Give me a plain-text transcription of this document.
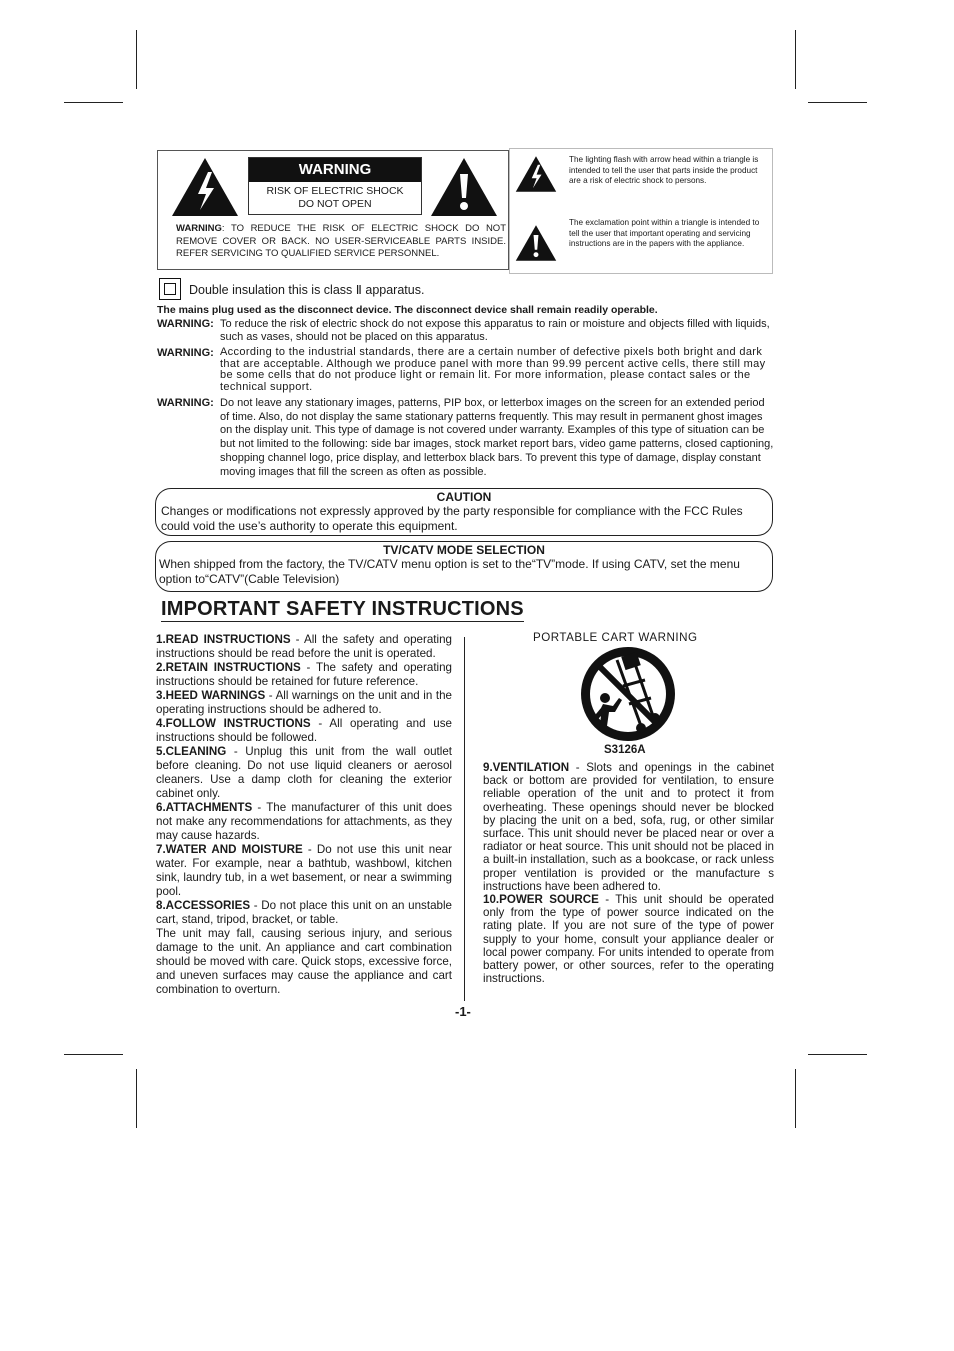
WARNING
RISK OF ELECTRIC SHOCK
DO NOT OPEN
WARNING: TO REDUCE THE RISK OF ELECTRIC SHOCK DO NOT REMOVE COVER OR BACK. NO USER-SERVICEABLE PARTS INSIDE. REFER SERVICING TO QUALIFIED SERVICE PERSONNEL.
The lighting flash with arrow head within a triangle is intended to tell the user that parts inside the product are a risk of electric shock to persons.
The exclamation point within a triangle is intended to tell the user that important operating and servicing instructions are in the papers with the appliance.
Double insulation this is class Ⅱ apparatus.
The mains plug used as the disconnect device. The disconnect device shall remain readily operable.
WARNING: To reduce the risk of electric shock do not expose this apparatus to rain or moisture and objects filled with liquids, such as vases, should not be placed on this apparatus.
WARNING: According to the industrial standards, there are a certain number of defective pixels both bright and dark that are acceptable. Although we produce panel with more than 99.99 percent active cells, there still may be some cells that do not produce light or remain lit. For more information, please contact sales or the technical support.
WARNING: Do not leave any stationary images, patterns, PIP box, or letterbox images on the screen for an extended period of time. Also, do not display the same stationary patterns frequently. This may result in permanent ghost images on the display unit. This type of damage is not covered under warranty. Examples of this type of situation can be but not limited to the following: side bar images, stock market report bars, video game patterns, closed captioning, shopping channel logo, price display, and letterbox black bars. To prevent this type of damage, display constant moving images that fill the screen as often as possible.
CAUTION
Changes or modifications not expressly approved by the party responsible for compliance with the FCC Rules could void the use’s authority to operate this equipment.
TV/CATV MODE SELECTION
When shipped from the factory, the TV/CATV menu option is set to the“TV”mode. If using CATV, set the menu option to“CATV”(Cable Television)
IMPORTANT SAFETY INSTRUCTIONS

1.READ INSTRUCTIONS - All the safety and operating instructions should be read before the unit is operated.

2.RETAIN INSTRUCTIONS - The safety and operating instructions should be retained for future reference.

3.HEED WARNINGS - All warnings on the unit and in the operating instructions should be adhered to.

4.FOLLOW INSTRUCTIONS - All operating and use instructions should be followed.

5.CLEANING - Unplug this unit from the wall outlet before cleaning. Do not use liquid cleaners or aerosol cleaners. Use a damp cloth for cleaning the exterior cabinet only.

6.ATTACHMENTS - The manufacturer of this unit does not make any recommendations for attachments, as they may cause hazards.

7.WATER AND MOISTURE - Do not use this unit near water. For example, near a bathtub, washbowl, kitchen sink, laundry tub, in a wet basement, or near a swimming pool.

8.ACCESSORIES - Do not place this unit on an unstable cart, stand, tripod, bracket, or table.

The unit may fall, causing serious injury, and serious damage to the unit. An appliance and cart combination should be moved with care. Quick stops, excessive force, and uneven surfaces may cause the appliance and cart combination to overturn.

PORTABLE CART WARNING
S3126A

9.VENTILATION - Slots and openings in the cabinet back or bottom are provided for ventilation, to ensure reliable operation of the unit and to protect it from overheating. These openings should never be blocked by placing the unit on a bed, sofa, rug, or other similar surface. This unit should never be placed near or over a radiator or heat source. This unit should not be placed in a built-in installation, such as a bookcase, or rack unless proper ventilation is provided or the manufacture s instructions have been adhered to.

10.POWER SOURCE - This unit should be operated only from the type of power source indicated on the rating plate. If you are not sure of the type of power supply to your home, consult your appliance dealer or local power company. For units intended to operate from battery power, or other sources, refer to the operating instructions.

-1-
